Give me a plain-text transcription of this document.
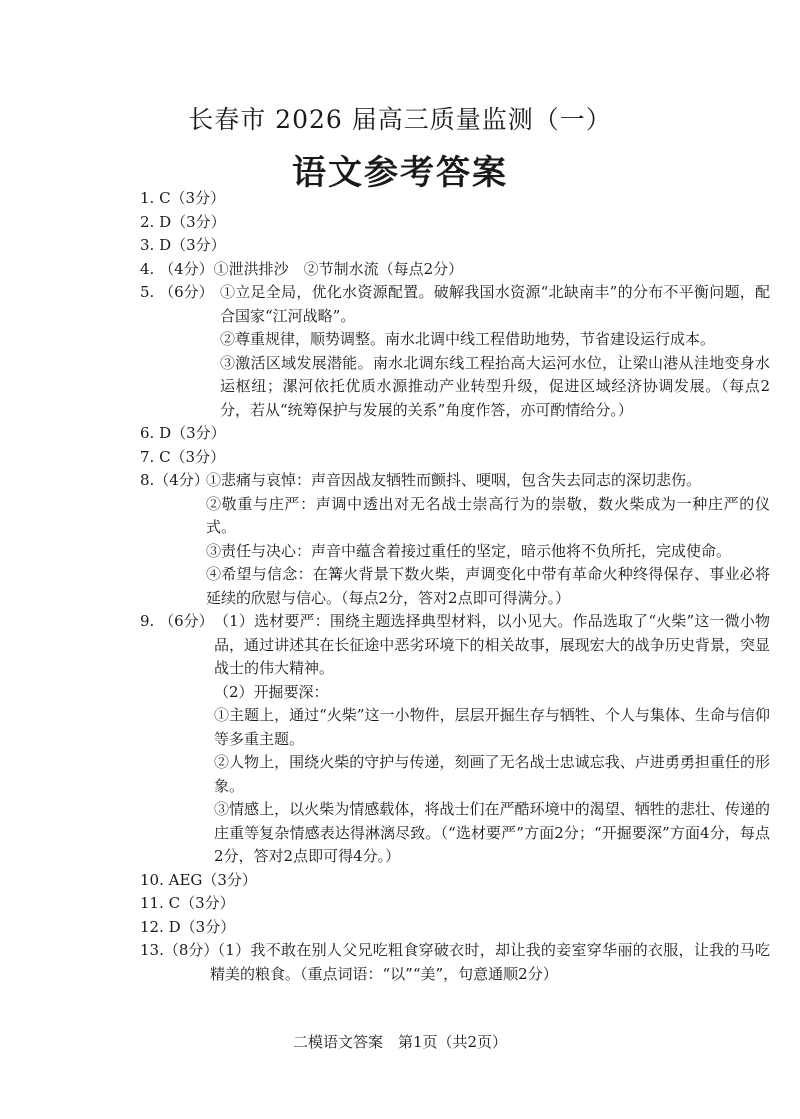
长春市 2026 届高三质量监测（一）
语文参考答案
1. C（3分）
2. D（3分）
3. D（3分）
4. （4分）①泄洪排沙　②节制水流（每点2分）
5. （6分） ①立足全局，优化水资源配置。破解我国水资源“北缺南丰”的分布不平衡问题，配合国家“江河战略”。
②尊重规律，顺势调整。南水北调中线工程借助地势，节省建设运行成本。
③激活区域发展潜能。南水北调东线工程抬高大运河水位，让梁山港从洼地变身水运枢纽；漯河依托优质水源推动产业转型升级，促进区域经济协调发展。（每点2分，若从“统筹保护与发展的关系”角度作答，亦可酌情给分。）
6. D（3分）
7. C（3分）
8.（4分）
①悲痛与哀悼：声音因战友牺牲而颤抖、哽咽，包含失去同志的深切悲伤。
②敬重与庄严：声调中透出对无名战士崇高行为的崇敬，数火柴成为一种庄严的仪式。
③责任与决心：声音中蕴含着接过重任的坚定，暗示他将不负所托，完成使命。
④希望与信念：在篝火背景下数火柴，声调变化中带有革命火种终得保存、事业必将延续的欣慰与信心。（每点2分，答对2点即可得满分。）
9. （6分） （1）选材要严：围绕主题选择典型材料，以小见大。作品选取了“火柴”这一微小物品，通过讲述其在长征途中恶劣环境下的相关故事，展现宏大的战争历史背景，突显战士的伟大精神。
（2）开掘要深：
①主题上，通过“火柴”这一小物件，层层开掘生存与牺牲、个人与集体、生命与信仰等多重主题。
②人物上，围绕火柴的守护与传递，刻画了无名战士忠诚忘我、卢进勇勇担重任的形象。
③情感上，以火柴为情感载体，将战士们在严酷环境中的渴望、牺牲的悲壮、传递的庄重等复杂情感表达得淋漓尽致。（“选材要严”方面2分；“开掘要深”方面4分，每点2分，答对2点即可得4分。）
10. AEG（3分）
11. C（3分）
12. D（3分）
13.（8分）
（1）我不敢在别人父兄吃粗食穿破衣时，却让我的妾室穿华丽的衣服，让我的马吃精美的粮食。（重点词语：“以”“美”，句意通顺2分）
二模语文答案　第1页（共2页）
